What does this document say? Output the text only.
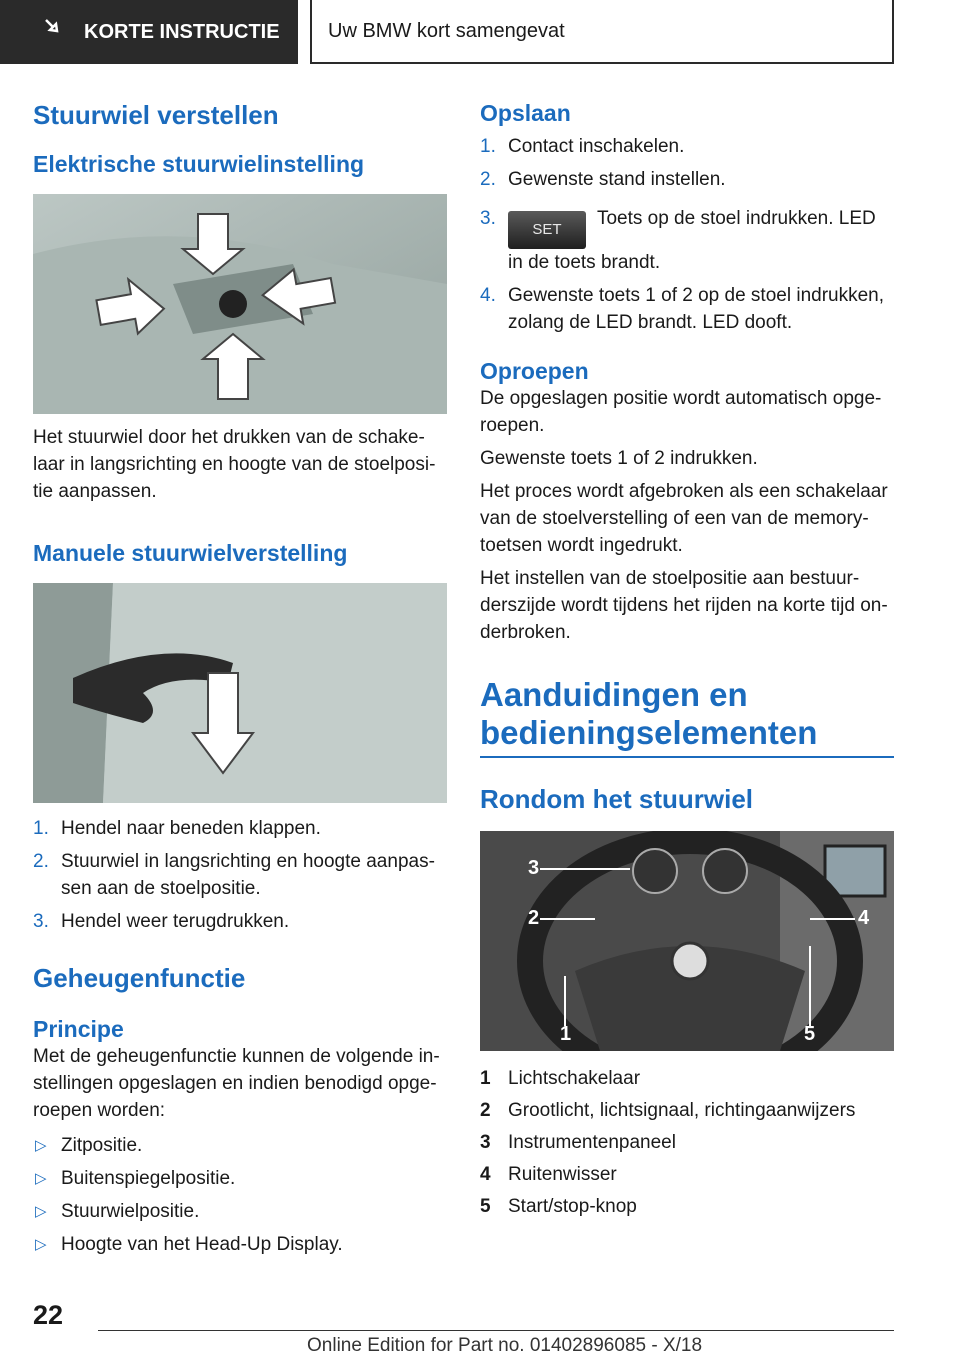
KORTE INSTRUCTIE	Uw BMW kort samengevat
Stuurwiel verstellen
Elektrische stuurwielinstelling

Het stuurwiel door het drukken van de schakelaar in langsrichting en hoogte van de stoelpositie aanpassen.

Manuele stuurwielverstelling
1. Hendel naar beneden klappen.
2. Stuurwiel in langsrichting en hoogte aanpassen aan de stoelpositie.
3. Hendel weer terugdrukken.
Geheugenfunctie
Principe

Met de geheugenfunctie kunnen de volgende instellingen opgeslagen en indien benodigd opgeroepen worden:

▷ Zitpositie.
▷ Buitenspiegelpositie.
▷ Stuurwielpositie.
▷ Hoogte van het Head-Up Display.
Opslaan
1. Contact inschakelen.
2. Gewenste stand instellen.
3.
SET Toets op de stoel indrukken. LED in de toets brandt.
4. Gewenste toets 1 of 2 op de stoel indrukken, zolang de LED brandt. LED dooft.
Oproepen

De opgeslagen positie wordt automatisch opgeroepen.

Gewenste toets 1 of 2 indrukken.

Het proces wordt afgebroken als een schakelaar van de stoelverstelling of een van de memorytoetsen wordt ingedrukt.

Het instellen van de stoelpositie aan bestuurderszijde wordt tijdens het rijden na korte tijd onderbroken.

Aanduidingen en bedieningselementen
Rondom het stuurwiel
3
2	4
1	5
1 Lichtschakelaar
2 Grootlicht, lichtsignaal, richtingaanwijzers
3 Instrumentenpaneel
4 Ruitenwisser
5 Start/stop-knop
22
Online Edition for Part no. 01402896085 - X/18
